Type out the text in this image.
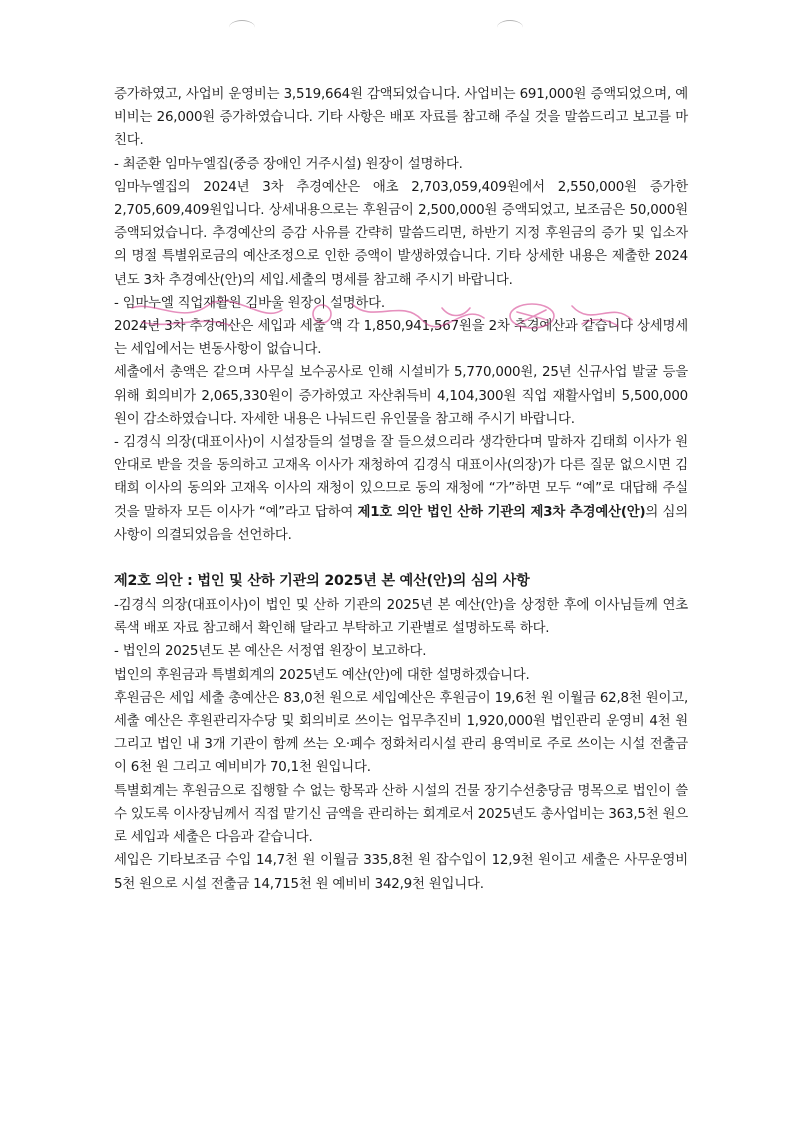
증가하였고, 사업비 운영비는 3,519,664원 감액되었습니다. 사업비는 691,000원 증액되었으며, 예비비는 26,000원 증가하였습니다. 기타 사항은 배포 자료를 참고해 주실 것을 말씀드리고 보고를 마친다.

- 최준환 임마누엘집(중증 장애인 거주시설) 원장이 설명하다.

임마누엘집의 2024년 3차 추경예산은 애초 2,703,059,409원에서 2,550,000원 증가한 2,705,609,409원입니다. 상세내용으로는 후원금이 2,500,000원 증액되었고, 보조금은 50,000원 증액되었습니다. 추경예산의 증감 사유를 간략히 말씀드리면, 하반기 지정 후원금의 증가 및 입소자의 명절 특별위로금의 예산조정으로 인한 증액이 발생하였습니다. 기타 상세한 내용은 제출한 2024년도 3차 추경예산(안)의 세입.세출의 명세를 참고해 주시기 바랍니다.

- 임마누엘 직업재활원 김바울 원장이 설명하다.

2024년 3차 추경예산은 세입과 세출 액 각 1,850,941,567원을 2차 추경예산과 같습니다 상세명세는 세입에서는 변동사항이 없습니다.

세출에서 총액은 같으며 사무실 보수공사로 인해 시설비가 5,770,000원, 25년 신규사업 발굴 등을 위해 회의비가 2,065,330원이 증가하였고 자산취득비 4,104,300원 직업 재활사업비 5,500,000원이 감소하였습니다. 자세한 내용은 나눠드린 유인물을 참고해 주시기 바랍니다.

- 김경식 의장(대표이사)이 시설장들의 설명을 잘 들으셨으리라 생각한다며 말하자 김태희 이사가 원안대로 받을 것을 동의하고 고재옥 이사가 재청하여 김경식 대표이사(의장)가 다른 질문 없으시면 김태희 이사의 동의와 고재옥 이사의 재청이 있으므로 동의 재청에 “가”하면 모두 “예”로 대답해 주실 것을 말하자 모든 이사가 “예”라고 답하여 제1호 의안 법인 산하 기관의 제3차 추경예산(안)의 심의 사항이 의결되었음을 선언하다.

제2호 의안 : 법인 및 산하 기관의 2025년 본 예산(안)의 심의 사항

-김경식 의장(대표이사)이 법인 및 산하 기관의 2025년 본 예산(안)을 상정한 후에 이사님들께 연초록색 배포 자료 참고해서 확인해 달라고 부탁하고 기관별로 설명하도록 하다.

- 법인의 2025년도 본 예산은 서정엽 원장이 보고하다.

법인의 후원금과 특별회계의 2025년도 예산(안)에 대한 설명하겠습니다.

후원금은 세입 세출 총예산은 83,0천 원으로 세입예산은 후원금이 19,6천 원 이월금 62,8천 원이고, 세출 예산은 후원관리자수당 및 회의비로 쓰이는 업무추진비 1,920,000원 법인관리 운영비 4천 원 그리고 법인 내 3개 기관이 함께 쓰는 오·폐수 정화처리시설 관리 용역비로 주로 쓰이는 시설 전출금이 6천 원 그리고 예비비가 70,1천 원입니다.

특별회계는 후원금으로 집행할 수 없는 항목과 산하 시설의 건물 장기수선충당금 명목으로 법인이 쓸 수 있도록 이사장님께서 직접 맡기신 금액을 관리하는 회계로서 2025년도 총사업비는 363,5천 원으로 세입과 세출은 다음과 같습니다.

세입은 기타보조금 수입 14,7천 원 이월금 335,8천 원 잡수입이 12,9천 원이고 세출은 사무운영비 5천 원으로 시설 전출금 14,715천 원 예비비 342,9천 원입니다.
